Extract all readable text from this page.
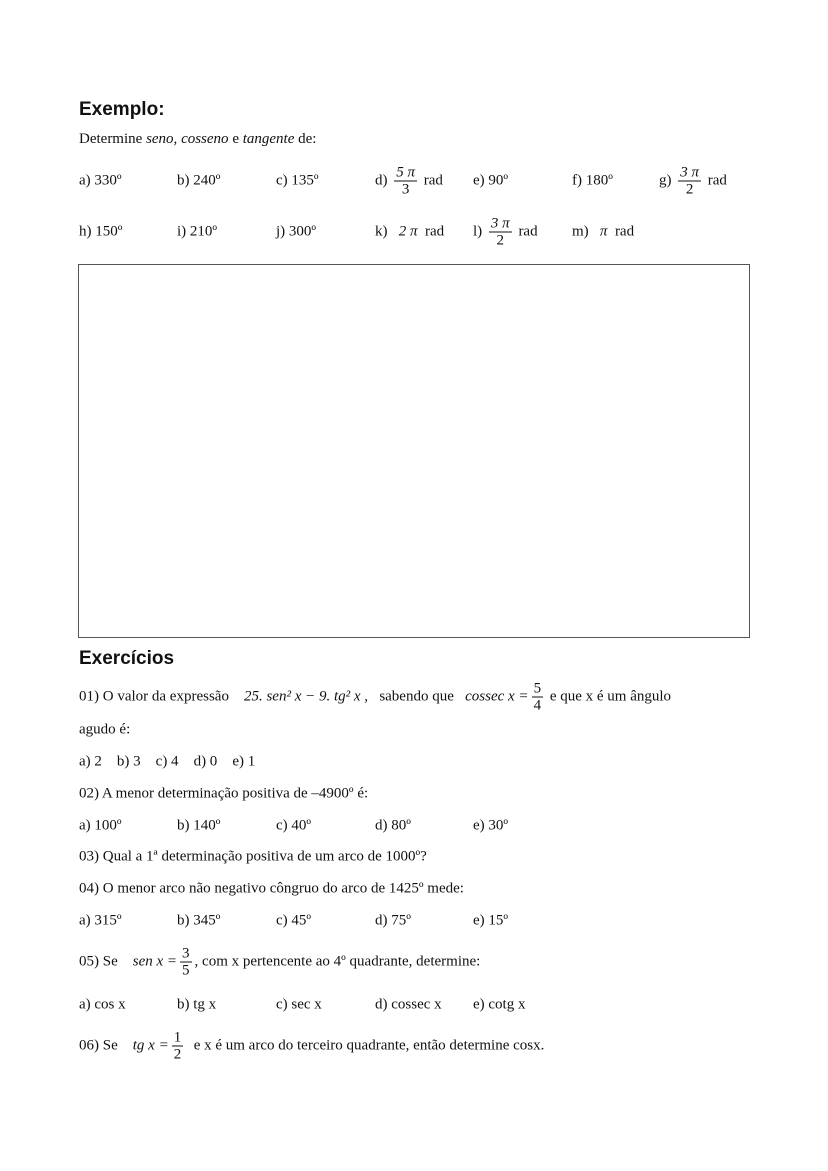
Exemplo:
Determine seno, cosseno e tangente de:
a) 330º	b) 240º	c) 135º	$d) \frac{5 \pi}{3}$ rad e) 90º	f) 180º	$g) \frac{3 \pi}{2}$ rad
h) 150º	i) 210º	j) 300º	k) 2 π rad $l) \frac{3 \pi}{2}$ rad m) π rad
Exercícios
01) O valor da expressão 25. sen² x − 9. tg² x , sabendo que cossec $x = \frac{5}{4}$ e que x é um ângulo
agudo é:
a) 2 b) 3 c) 4 d) 0 e) 1
02) A menor determinação positiva de –4900º é:
a) 100º	b) 140º	c) 40º	d) 80º	e) 30º
03) Qual a 1ª determinação positiva de um arco de 1000º?
04) O menor arco não negativo côngruo do arco de 1425º mede:
a) 315º	b) 345º	c) 45º	d) 75º	e) 15º
05) Se sen $x = \frac{3}{5}$ , com x pertencente ao 4º quadrante, determine:
a) cos x	b) tg x	c) sec x	d) cossec x e) cotg x
06) Se tg $x = \frac{1}{2}$ e x é um arco do terceiro quadrante, então determine cosx.
